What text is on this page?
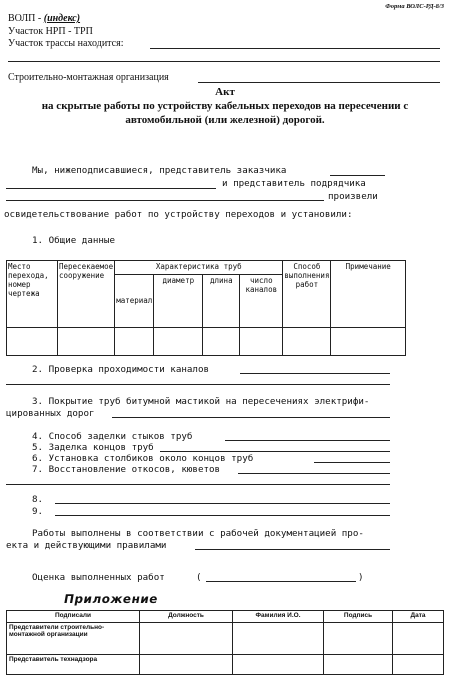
Форма ВОЛС-РД-8/3
ВОЛП - (индекс)
Участок НРП - ТРП
Участок трассы находится:
Строительно-монтажная организация
Акт
на скрытые работы по устройству кабельных переходов на пересечении с
автомобильной (или железной) дорогой.
Мы, нижеподписавшиеся, представитель заказчика
и представитель подрядчика
произвели
освидетельствование работ по устройству переходов и установили:
1. Общие данные
Место перехода, номер чертежа	Пересекаемое сооружение	Характеристика труб				Способ выполнения работ	Примечание
		материал	диаметр	длина	число каналов		

2. Проверка проходимости каналов
3. Покрытие труб битумной мастикой на пересечениях электрифи-
цированных дорог
4. Способ заделки стыков труб
5. Заделка концов труб
6. Установка столбиков около концов труб
7. Восстановление откосов, кюветов
8.
9.
Работы выполнены в соответствии с рабочей документацией про-
екта и действующими правилами
Оценка выполненных работ	(	)
Приложение
Подписали	Должность	Фамилия И.О.	Подпись	Дата
Представители строительно-монтажной организации				
Представитель технадзора				
